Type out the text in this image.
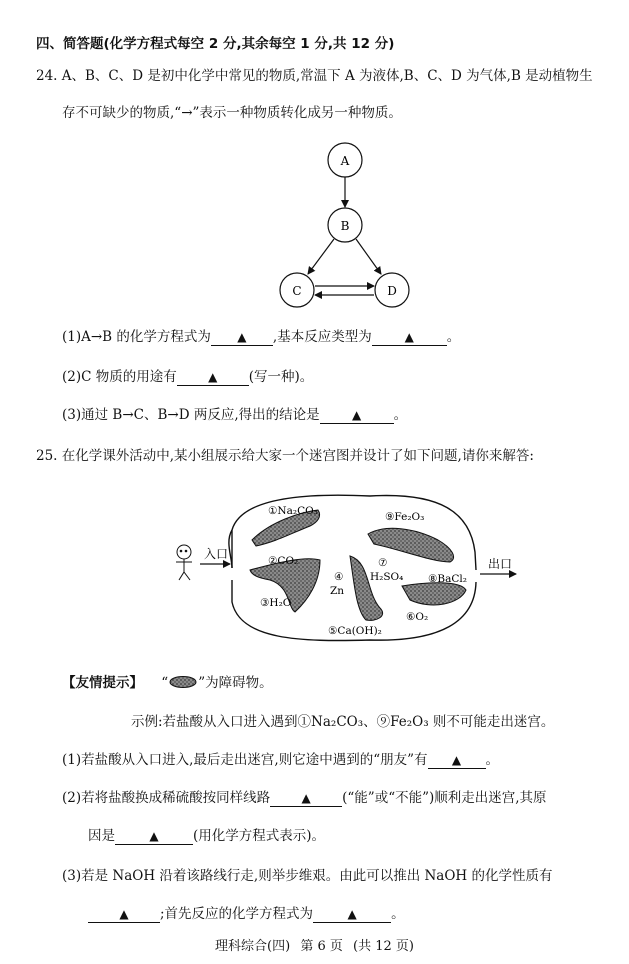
四、简答题(化学方程式每空 2 分,其余每空 1 分,共 12 分)
24. A、B、C、D 是初中化学中常见的物质,常温下 A 为液体,B、C、D 为气体,B 是动植物生
存不可缺少的物质,“→”表示一种物质转化成另一种物质。
A
B
C	D
(1)A→B 的化学方程式为 ▲ ,基本反应类型为	▲ 。
(2)C 物质的用途有	▲ (写一种)。
(3)通过 B→C、B→D 两反应,得出的结论是	▲ 。
25. 在化学课外活动中,某小组展示给大家一个迷宫图并设计了如下问题,请你来解答:
入口
出口
①Na₂CO₃	⑨Fe₂O₃
②CO₂
④
Zn
⑦
H₂SO₄ ⑧BaCl₂
③H₂O
⑥O₂
⑤Ca(OH)₂
【友情提示】 “ ”为障碍物。
示例:若盐酸从入口进入遇到①Na₂CO₃、⑨Fe₂O₃ 则不可能走出迷宫。
(1)若盐酸从入口进入,最后走出迷宫,则它途中遇到的“朋友”有 ▲ 。
(2)若将盐酸换成稀硫酸按同样线路	▲ (“能”或“不能”)顺利走出迷宫,其原
因是	▲	(用化学方程式表示)。
(3)若是 NaOH 沿着该路线行走,则举步维艰。由此可以推出 NaOH 的化学性质有
▲ ;首先反应的化学方程式为	▲	。
理科综合(四) 第 6 页 (共 12 页)
